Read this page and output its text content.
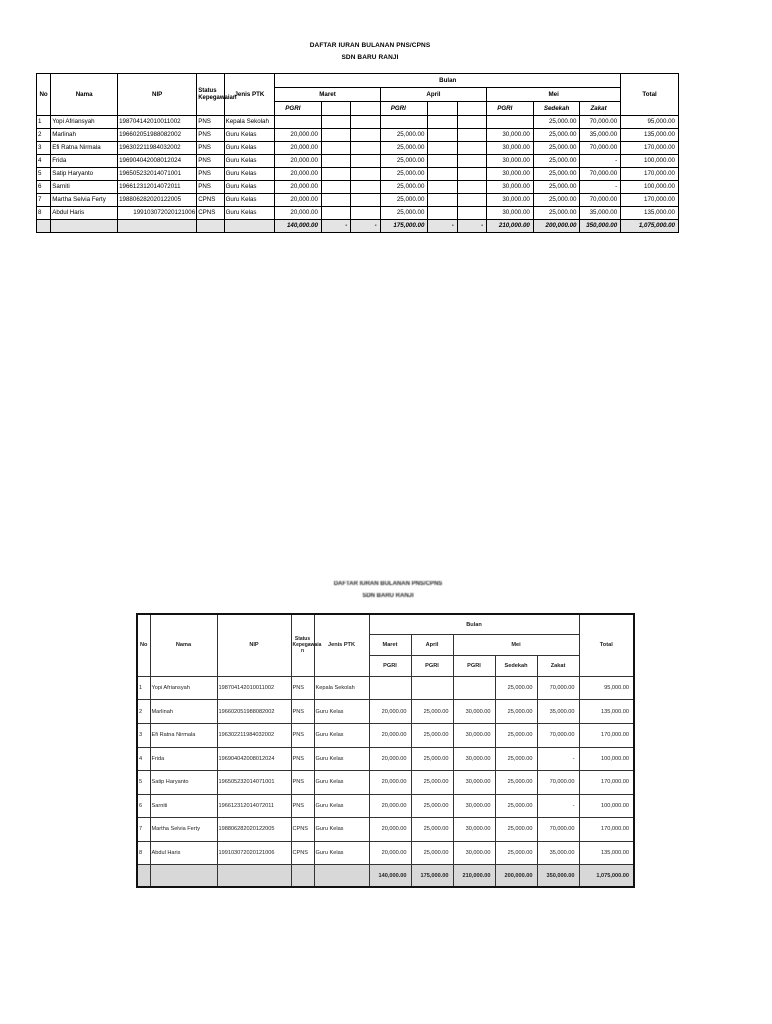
DAFTAR IURAN BULANAN PNS/CPNS
SDN BARU RANJI
No	Nama	NIP	Status Kepegawaian	Jenis PTK	Bulan									Total
					Maret			April			Mei			
					PGRI			PGRI			PGRI	Sedekah	Zakat	
1	Yopi Afriansyah	198704142010011002	PNS	Kepala Sekolah								25,000.00	70,000.00	95,000.00
2	Marlinah	196602051988082002	PNS	Guru Kelas	20,000.00			25,000.00			30,000.00	25,000.00	35,000.00	135,000.00
3	Efi Ratna Nirmala	196302211984032002	PNS	Guru Kelas	20,000.00			25,000.00			30,000.00	25,000.00	70,000.00	170,000.00
4	Frida	196904042008012024	PNS	Guru Kelas	20,000.00			25,000.00			30,000.00	25,000.00	-	100,000.00
5	Satip Haryanto	196505232014071001	PNS	Guru Kelas	20,000.00			25,000.00			30,000.00	25,000.00	70,000.00	170,000.00
6	Sarniti	196612312014072011	PNS	Guru Kelas	20,000.00			25,000.00			30,000.00	25,000.00	-	100,000.00
7	Martha Selvia Ferty	198806282020122005	CPNS	Guru Kelas	20,000.00			25,000.00			30,000.00	25,000.00	70,000.00	170,000.00
8	Abdul Haris	199103072020121006	CPNS	Guru Kelas	20,000.00			25,000.00			30,000.00	25,000.00	35,000.00	135,000.00
					140,000.00	-	-	175,000.00	-	-	210,000.00	200,000.00	350,000.00	1,075,000.00
DAFTAR IURAN BULANAN PNS/CPNS
SDN BARU RANJI
No	Nama	NIP	Status Kepegawaia n	Jenis PTK	Bulan					Total
					Maret	April	Mei			
					PGRI	PGRI	PGRI	Sedekah	Zakat	
1	Yopi Afriansyah	198704142010011002	PNS	Kepala Sekolah				25,000.00	70,000.00	95,000.00
2	Marlinah	196602051988082002	PNS	Guru Kelas	20,000.00	25,000.00	30,000.00	25,000.00	35,000.00	135,000.00
3	Efi Ratna Nirmala	196302211984032002	PNS	Guru Kelas	20,000.00	25,000.00	30,000.00	25,000.00	70,000.00	170,000.00
4	Frida	196904042008012024	PNS	Guru Kelas	20,000.00	25,000.00	30,000.00	25,000.00	-	100,000.00
5	Satip Haryanto	196505232014071001	PNS	Guru Kelas	20,000.00	25,000.00	30,000.00	25,000.00	70,000.00	170,000.00
6	Sarniti	196612312014072011	PNS	Guru Kelas	20,000.00	25,000.00	30,000.00	25,000.00	-	100,000.00
7	Martha Selvia Ferty	198806282020122005	CPNS	Guru Kelas	20,000.00	25,000.00	30,000.00	25,000.00	70,000.00	170,000.00
8	Abdul Haris	199103072020121006	CPNS	Guru Kelas	20,000.00	25,000.00	30,000.00	25,000.00	35,000.00	135,000.00
					140,000.00	175,000.00	210,000.00	200,000.00	350,000.00	1,075,000.00
